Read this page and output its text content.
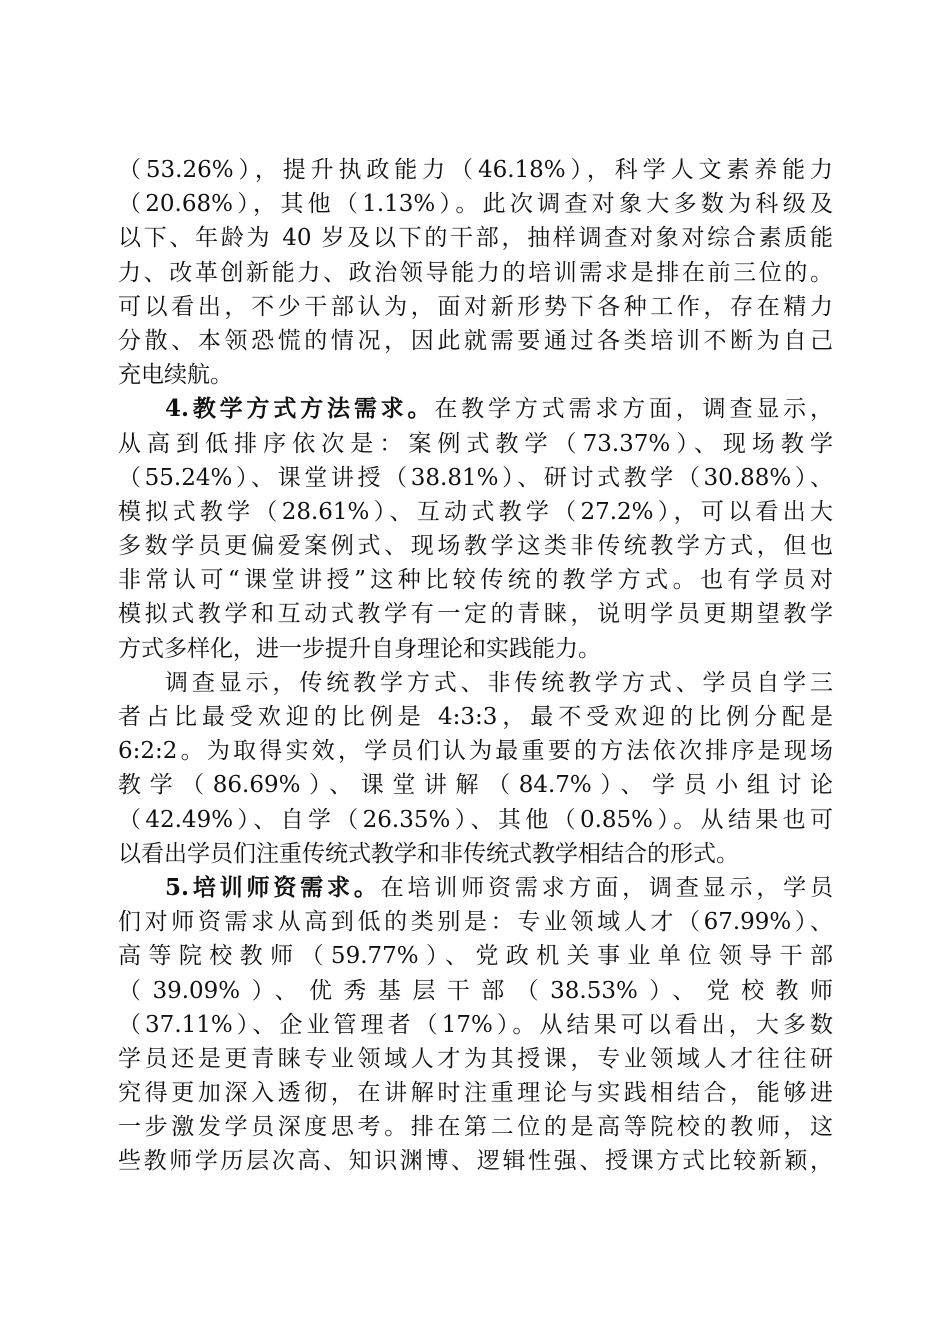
（53.26%），提升执政能力（46.18%），科学人文素养能力
（20.68%），其他（1.13%）。此次调查对象大多数为科级及
以下、年龄为 40 岁及以下的干部，抽样调查对象对综合素质能
力、改革创新能力、政治领导能力的培训需求是排在前三位的。
可以看出，不少干部认为，面对新形势下各种工作，存在精力
分散、本领恐慌的情况，因此就需要通过各类培训不断为自己
充电续航。
4.教学方式方法需求。在教学方式需求方面，调查显示，
从高到低排序依次是：案例式教学（73.37%）、现场教学
（55.24%）、课堂讲授（38.81%）、研讨式教学（30.88%）、
模拟式教学（28.61%）、互动式教学（27.2%），可以看出大
多数学员更偏爱案例式、现场教学这类非传统教学方式，但也
非常认可“课堂讲授”这种比较传统的教学方式。也有学员对
模拟式教学和互动式教学有一定的青睐，说明学员更期望教学
方式多样化，进一步提升自身理论和实践能力。
调查显示，传统教学方式、非传统教学方式、学员自学三
者占比最受欢迎的比例是 4:3:3，最不受欢迎的比例分配是
6:2:2。为取得实效，学员们认为最重要的方法依次排序是现场
教学（86.69%）、课堂讲解（84.7%）、学员小组讨论
（42.49%）、自学（26.35%）、其他（0.85%）。从结果也可
以看出学员们注重传统式教学和非传统式教学相结合的形式。
5.培训师资需求。在培训师资需求方面，调查显示，学员
们对师资需求从高到低的类别是：专业领域人才（67.99%）、
高等院校教师（59.77%）、党政机关事业单位领导干部
（39.09%）、优秀基层干部（38.53%）、党校教师
（37.11%）、企业管理者（17%）。从结果可以看出，大多数
学员还是更青睐专业领域人才为其授课，专业领域人才往往研
究得更加深入透彻，在讲解时注重理论与实践相结合，能够进
一步激发学员深度思考。排在第二位的是高等院校的教师，这
些教师学历层次高、知识渊博、逻辑性强、授课方式比较新颖，
